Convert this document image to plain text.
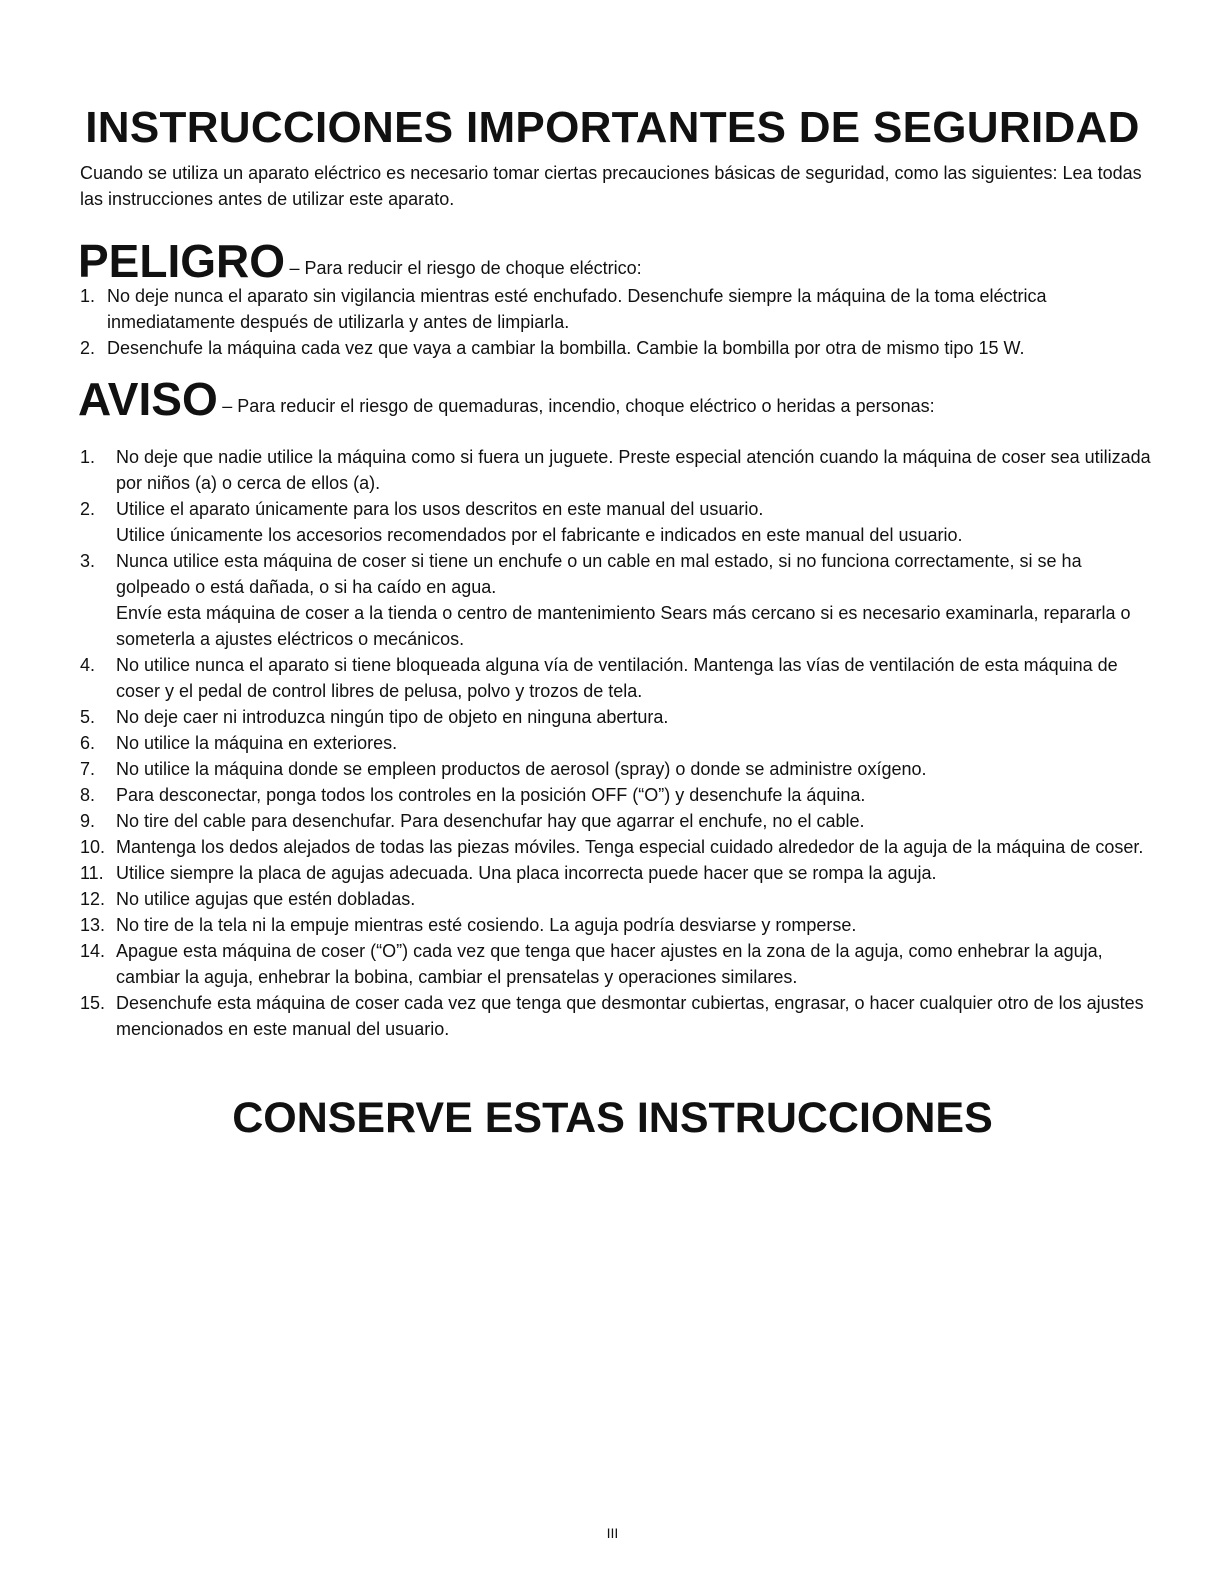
INSTRUCCIONES IMPORTANTES DE SEGURIDAD

Cuando se utiliza un aparato eléctrico es necesario tomar ciertas precauciones básicas de seguridad, como las siguientes: Lea todas las instrucciones antes de utilizar este aparato.

PELIGRO – Para reducir el riesgo de choque eléctrico:
1. No deje nunca el aparato sin vigilancia mientras esté enchufado. Desenchufe siempre la máquina de la toma eléctrica inmediatamente después de utilizarla y antes de limpiarla.
2. Desenchufe la máquina cada vez que vaya a cambiar la bombilla. Cambie la bombilla por otra de mismo tipo 15 W.
AVISO – Para reducir el riesgo de quemaduras, incendio, choque eléctrico o heridas a personas:
1. No deje que nadie utilice la máquina como si fuera un juguete. Preste especial atención cuando la máquina de coser sea utilizada por niños (a) o cerca de ellos (a).
2. Utilice el aparato únicamente para los usos descritos en este manual del usuario.
Utilice únicamente los accesorios recomendados por el fabricante e indicados en este manual del usuario.
3. Nunca utilice esta máquina de coser si tiene un enchufe o un cable en mal estado, si no funciona correctamente, si se ha golpeado o está dañada, o si ha caído en agua.
Envíe esta máquina de coser a la tienda o centro de mantenimiento Sears más cercano si es necesario examinarla, repararla o someterla a ajustes eléctricos o mecánicos.
4. No utilice nunca el aparato si tiene bloqueada alguna vía de ventilación. Mantenga las vías de ventilación de esta máquina de coser y el pedal de control libres de pelusa, polvo y trozos de tela.
5. No deje caer ni introduzca ningún tipo de objeto en ninguna abertura.
6. No utilice la máquina en exteriores.
7. No utilice la máquina donde se empleen productos de aerosol (spray) o donde se administre oxígeno.
8. Para desconectar, ponga todos los controles en la posición OFF (“O”) y desenchufe la áquina.
9. No tire del cable para desenchufar. Para desenchufar hay que agarrar el enchufe, no el cable.
10. Mantenga los dedos alejados de todas las piezas móviles. Tenga especial cuidado alrededor de la aguja de la máquina de coser.
11. Utilice siempre la placa de agujas adecuada. Una placa incorrecta puede hacer que se rompa la aguja.
12. No utilice agujas que estén dobladas.
13. No tire de la tela ni la empuje mientras esté cosiendo. La aguja podría desviarse y romperse.
14. Apague esta máquina de coser (“O”) cada vez que tenga que hacer ajustes en la zona de la aguja, como enhebrar la aguja, cambiar la aguja, enhebrar la bobina, cambiar el prensatelas y operaciones similares.
15. Desenchufe esta máquina de coser cada vez que tenga que desmontar cubiertas, engrasar, o hacer cualquier otro de los ajustes mencionados en este manual del usuario.
CONSERVE ESTAS INSTRUCCIONES
III
